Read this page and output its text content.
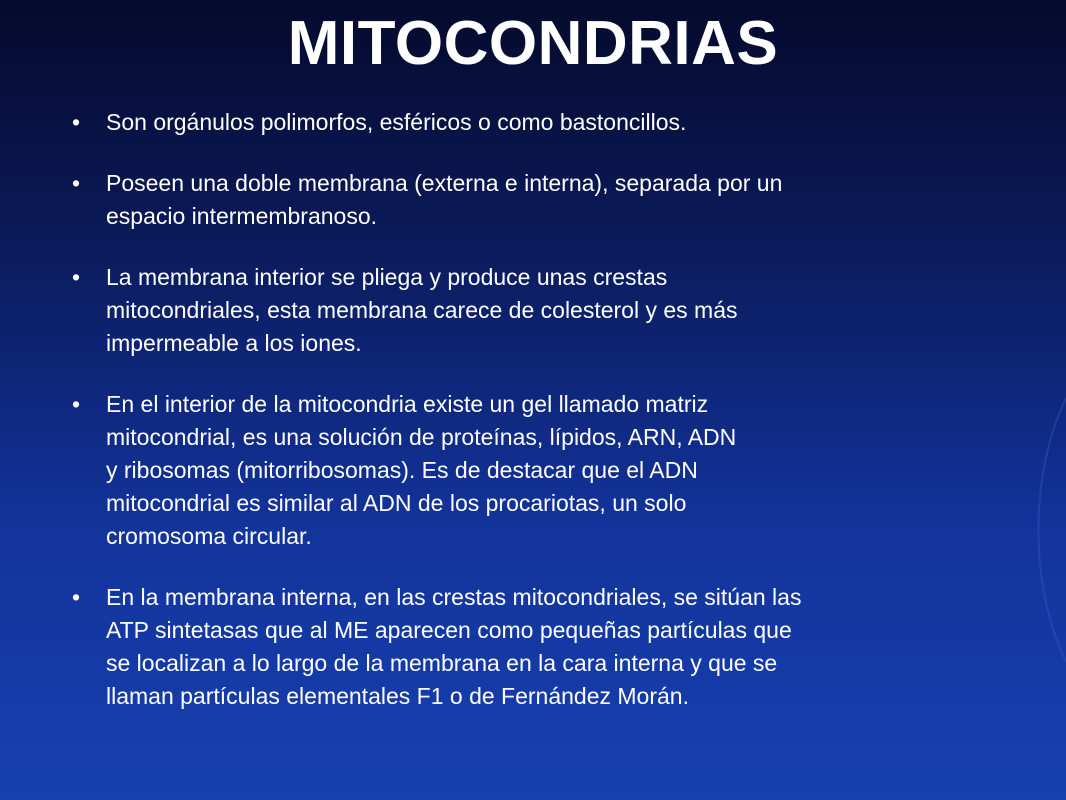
MITOCONDRIAS
• Son orgánulos polimorfos, esféricos o como bastoncillos.
• Poseen una doble membrana (externa e interna), separada por un
espacio intermembranoso.
• La membrana interior se pliega y produce unas crestas
mitocondriales, esta membrana carece de colesterol y es más
impermeable a los iones.
• En el interior de la mitocondria existe un gel llamado matriz
mitocondrial, es una solución de proteínas, lípidos, ARN, ADN
y ribosomas (mitorribosomas). Es de destacar que el ADN
mitocondrial es similar al ADN de los procariotas, un solo
cromosoma circular.
• En la membrana interna, en las crestas mitocondriales, se sitúan las
ATP sintetasas que al ME aparecen como pequeñas partículas que
se localizan a lo largo de la membrana en la cara interna y que se
llaman partículas elementales F1 o de Fernández Morán.
